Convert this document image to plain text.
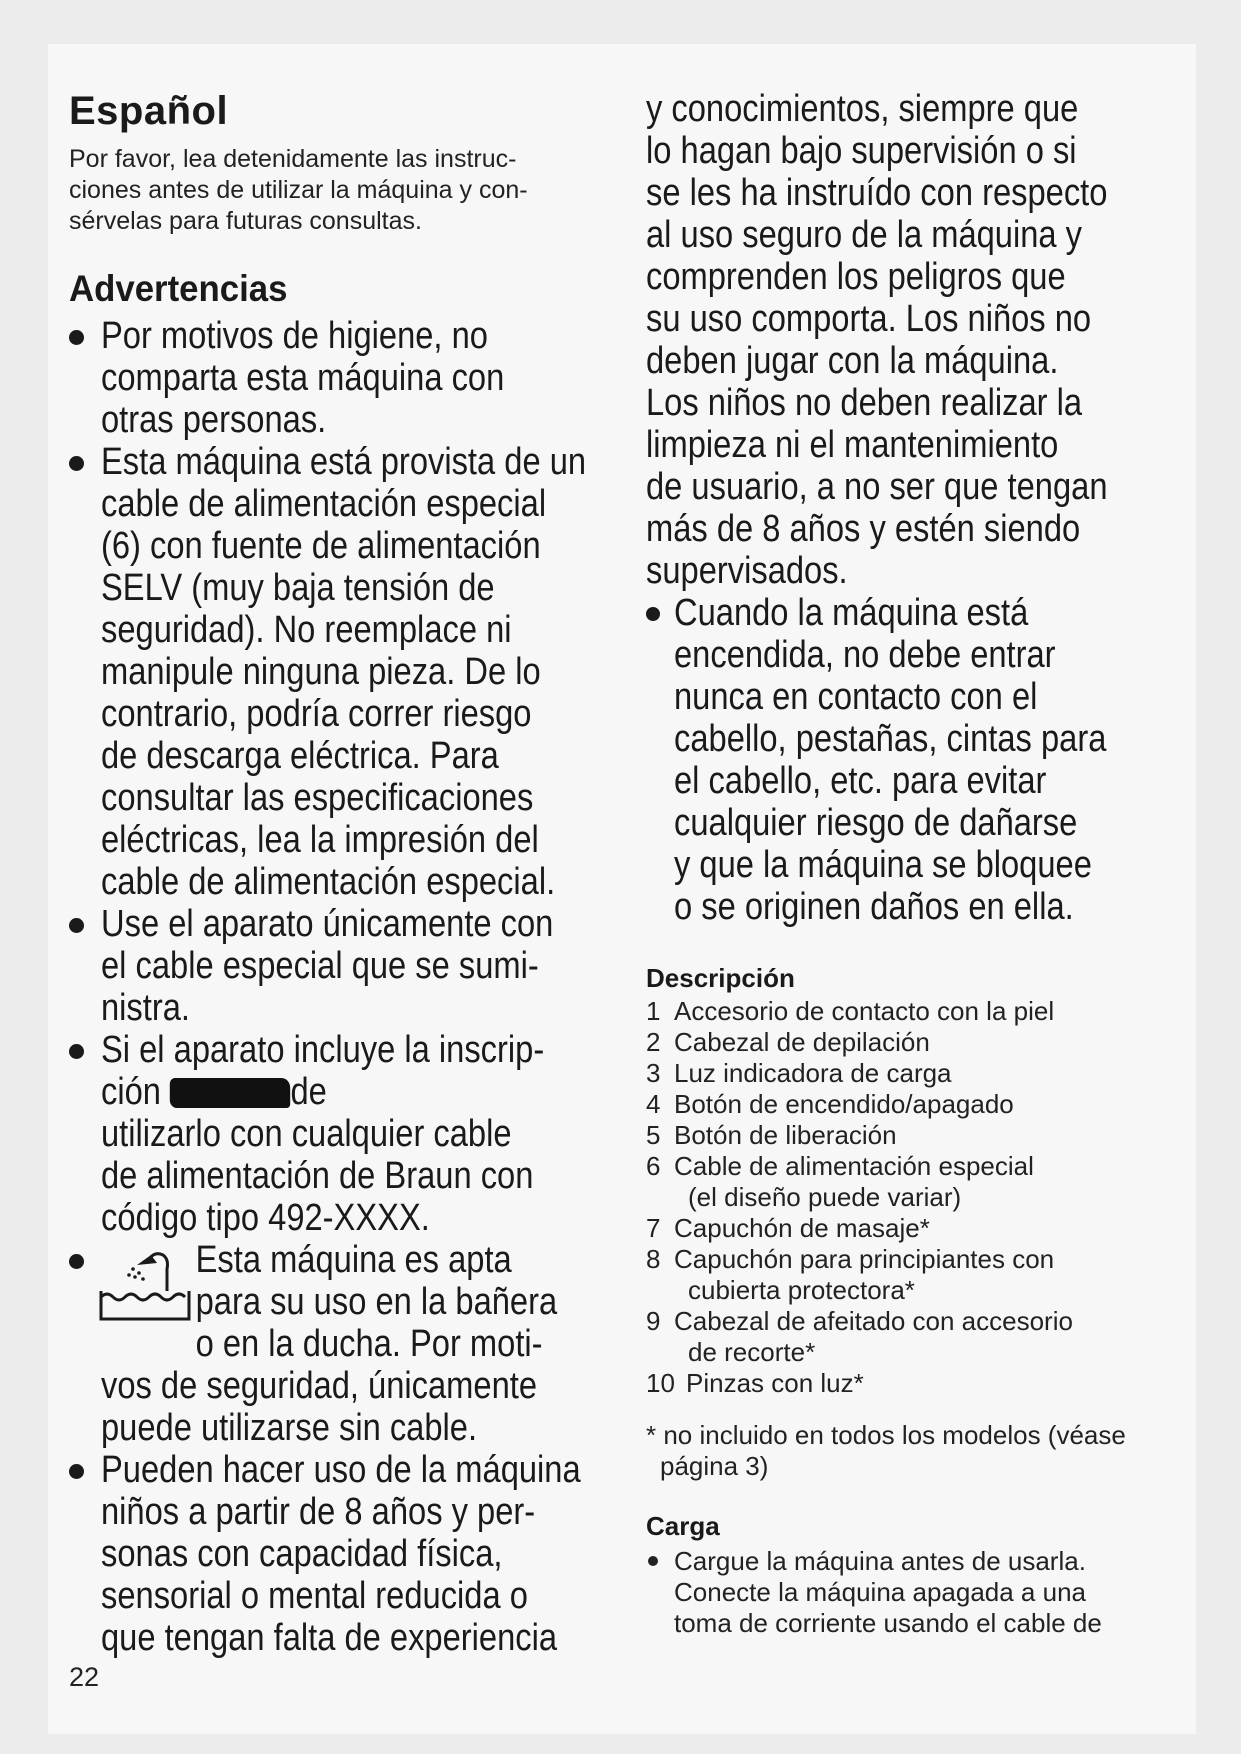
Español
Por favor, lea detenidamente las instruc-
ciones antes de utilizar la máquina y con-
sérvelas para futuras consultas.
Advertencias
Por motivos de higiene, no
comparta esta máquina con
otras personas.
Esta máquina está provista de un
cable de alimentación especial
(6) con fuente de alimentación
SELV (muy baja tensión de
seguridad). No reemplace ni
manipule ninguna pieza. De lo
contrario, podría correr riesgo
de descarga eléctrica. Para
consultar las especificaciones
eléctricas, lea la impresión del
cable de alimentación especial.
Use el aparato únicamente con
el cable especial que se sumi-
nistra.
Si el aparato incluye la inscrip-
ción	de
utilizarlo con cualquier cable
de alimentación de Braun con
código tipo 492-XXXX.
Esta máquina es apta
para su uso en la bañera
o en la ducha. Por moti-
vos de seguridad, únicamente
puede utilizarse sin cable.
Pueden hacer uso de la máquina
niños a partir de 8 años y per-
sonas con capacidad física,
sensorial o mental reducida o
que tengan falta de experiencia
22
y conocimientos, siempre que
lo hagan bajo supervisión o si
se les ha instruído con respecto
al uso seguro de la máquina y
comprenden los peligros que
su uso comporta. Los niños no
deben jugar con la máquina.
Los niños no deben realizar la
limpieza ni el mantenimiento
de usuario, a no ser que tengan
más de 8 años y estén siendo
supervisados.
Cuando la máquina está
encendida, no debe entrar
nunca en contacto con el
cabello, pestañas, cintas para
el cabello, etc. para evitar
cualquier riesgo de dañarse
y que la máquina se bloquee
o se originen daños en ella.
Descripción
1 Accesorio de contacto con la piel
2 Cabezal de depilación
3 Luz indicadora de carga
4 Botón de encendido/apagado
5 Botón de liberación
6 Cable de alimentación especial
(el diseño puede variar)
7 Capuchón de masaje*
8 Capuchón para principiantes con
cubierta protectora*
9 Cabezal de afeitado con accesorio
de recorte*
10 Pinzas con luz*
* no incluido en todos los modelos (véase
página 3)
Carga
Cargue la máquina antes de usarla.
Conecte la máquina apagada a una
toma de corriente usando el cable de
